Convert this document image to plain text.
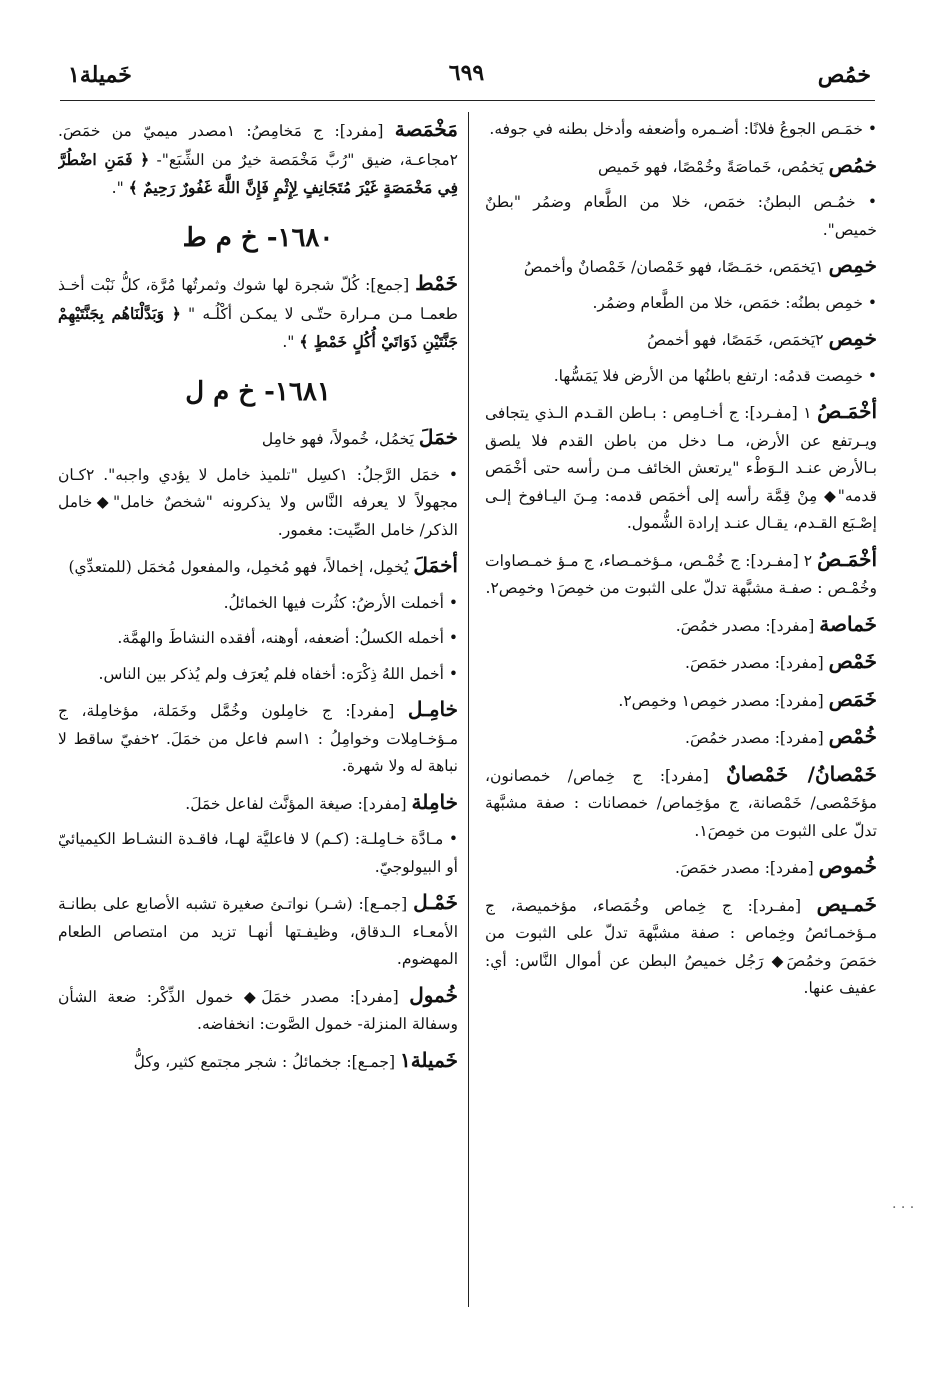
خمُص
٦٩٩
خَميلة١
• خمَـص الجوعُ فلانًا: أضـمره وأضعفه وأدخل بطنه في جوفه.
خمُص يَخمُص، خَماصَةً وخُمْصًا، فهو خَميص
• خمُـص البطنُ: خمَص، خلا من الطَّعام وضمُر "بطنٌ خميص".
خمِص ١يَخمَص، خمَـصًا، فهو خَمْصان/ خَمْصانٌ وأخمصُ
• خمِص بطنُه: خمَص، خلا من الطَّعام وضمُر.
خمِص ٢يَخمَص، خَمَصًا، فهو أخمصُ
• خمِصت قدمُه: ارتفع باطنُها من الأرض فلا يَمَسُّها.
أخْمَـصُ ١ [مفـرد]: ج أخـامِص : بـاطن القـدم الـذي يتجافى ويـرتفع عن الأرض، مـا دخل من باطن القدم فلا يلصق بـالأرض عنـد الـوَطْء "يرتعش الخائف مـن رأسه حتى أخْمَص قدمه"◆ مِنْ قِمَّة رأسه إلى أخمَص قدمه: مِـنَ اليـافوخ إلـى إصْـبَع القـدم، يقـال عنـد إرادة الشُّمول.
أخْمَـصُ ٢ [مفـرد]: ج خُمْـص، مـؤخمـصاء، ج مـؤ خمـصاوات وخُمْـص : صفـة مشبَّهة تدلّ على الثبوت من خمِصَ١ وخمِص٢.
خَماصة [مفرد]: مصدر خمُصَ.
خَمْص [مفرد]: مصدر خمَصَ.
خَمَص [مفرد]: مصدر خمِص١ وخمِص٢.
خُمْص [مفرد]: مصدر خمُصَ.
خَمْصانُ/ خَمْصانٌ [مفرد]: ج خِماص/ خمصانون، مؤخَمْصى/ خَمْصانة، ج مؤخِماص/ خمصانات : صفة مشبَّهة تدلّ على الثبوت من خمِصَ١.
خُموص [مفرد]: مصدر خمَصَ.
خَمـيص [مفـرد]: ج خِماص وخُمَصاء، مؤخميصة، ج مـؤخمـائصُ وخِماص : صفة مشبَّهة تدلّ على الثبوت من خمَصَ وخمُصَ◆ رَجُل خميصُ البطن عن أموال النَّاس: أي: عفيف عنها.
مَخْمَصة [مفرد]: ج مَخامِصُ: ١مصدر ميميّ من خمَصَ. ٢مجاعـة، ضيق "رُبَّ مَخْمَصة خيرٌ من الشِّبَع"- ﴿ فَمَنِ اضْطُرَّ فِي مَخْمَصَةٍ غَيْرَ مُتَجَانِفٍ لِإِثْمٍ فَإِنَّ اللَّهَ غَفُورٌ رَحِيمٌ ﴾ ".
١٦٨٠- خ م ط
خَمْط [جمع]: كُلّ شجرة لها شوك وثمرتُها مُرَّة، كلُّ نَبْت أخـذ طعمـا مـن مـرارة حتّـى لا يمكـن أكْلُـه " ﴿ وَبَدَّلْنَاهُم بِجَنَّتَيْهِمْ جَنَّتَيْنِ ذَوَاتَيْ أُكُلٍ خَمْطٍ ﴾ ".
١٦٨١- خ م ل
خمَلَ يَخمُل، خُمولاً، فهو خامِل
• خمَل الرَّجلُ: ١كسِل "تلميذ خامل لا يؤدي واجبه". ٢كـان مجهولاً لا يعرفه النَّاس ولا يذكرونه "شخصٌ خامل"◆خامل الذكر/ خامل الصِّيت: مغمور.
أخمَلَ يُخمِل، إخمالاً، فهو مُخمِل، والمفعول مُخمَل (للمتعدِّي)
• أخملت الأرضُ: كثُرت فيها الخمائلُ.
• أخمله الكسلُ: أضعفه، أوهنه، أفقده النشاطَ والهمَّة.
• أخمل اللهُ ذِكْرَه: أخفاه فلم يُعرَف ولم يُذكر بين الناس.
خامِـل [مفرد]: ج خامِلون وخُمَّل وخَمَلة، مؤخامِلة، ج مـؤخـامِلات وخوامِلُ : ١اسم فاعل من خمَلَ. ٢خفيّ ساقط لا نباهة له ولا شهرة.
خامِلة [مفرد]: صيغة المؤنَّث لفاعل خمَلَ.
• مـادَّة خـامِلـة: (كـم) لا فاعليَّة لهـا، فاقـدة النشـاط الكيميائيّ أو البيولوجيّ.
خَمْـل [جمـع]: (شـر) نواتـئ صغيرة تشبه الأصابع على بطانـة الأمعـاء الـدقاق، وظيفـتها أنهـا تزيد من امتصاص الطعام المهضوم.
خُمول [مفرد]: مصدر خمَلَ◆ خمول الذِّكْر: ضعة الشأن وسفالة المنزلة- خمول الصَّوت: انخفاضه.
خَميلة١ [جمـع]: جخمائلُ : شجر مجتمع كثير، وكلُّ
. . .
